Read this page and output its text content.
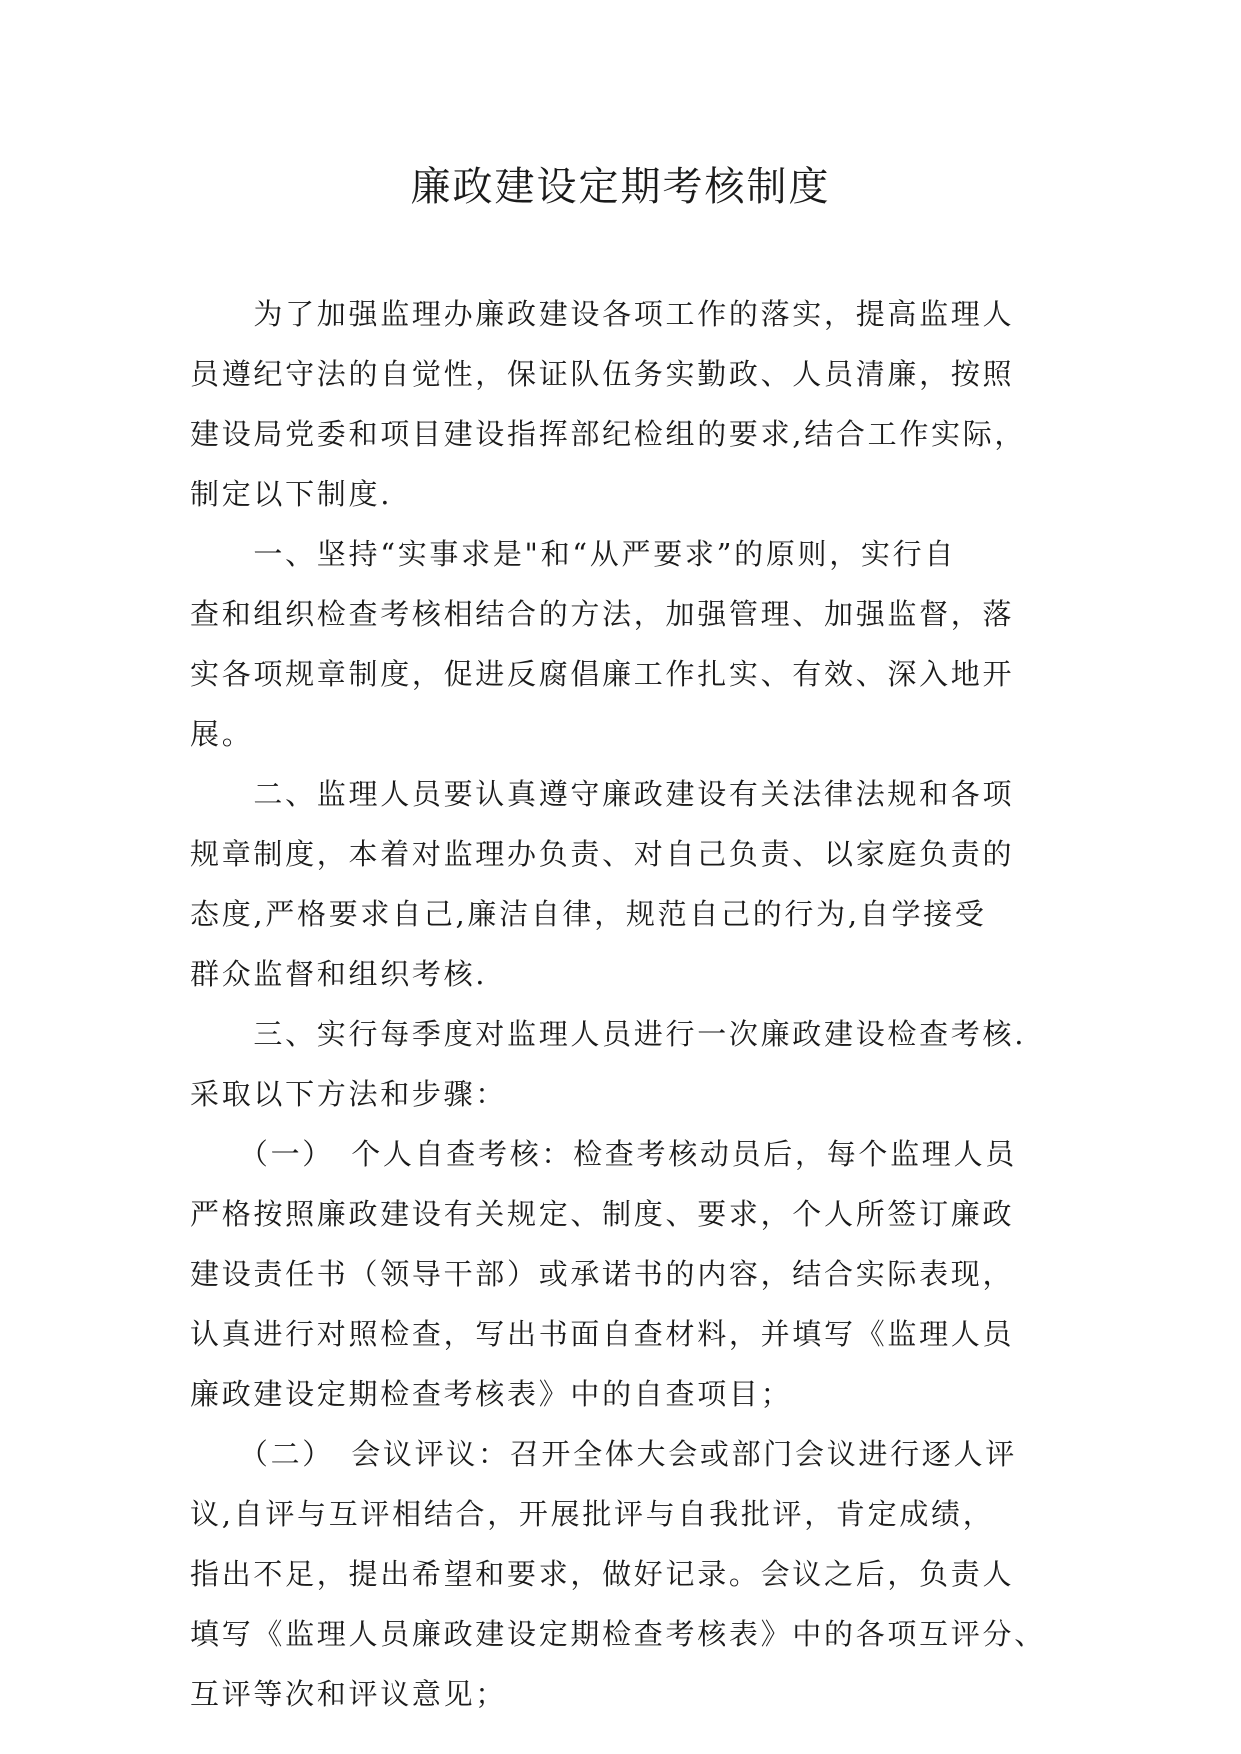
廉政建设定期考核制度
　　为了加强监理办廉政建设各项工作的落实，提高监理人
员遵纪守法的自觉性，保证队伍务实勤政、人员清廉，按照
建设局党委和项目建设指挥部纪检组的要求,结合工作实际，
制定以下制度.
　　一、坚持“实事求是"和“从严要求”的原则，实行自
查和组织检查考核相结合的方法，加强管理、加强监督，落
实各项规章制度，促进反腐倡廉工作扎实、有效、深入地开
展。
　　二、监理人员要认真遵守廉政建设有关法律法规和各项
规章制度，本着对监理办负责、对自己负责、以家庭负责的
态度,严格要求自己,廉洁自律，规范自己的行为,自学接受
群众监督和组织考核.
　　三、实行每季度对监理人员进行一次廉政建设检查考核.
采取以下方法和步骤：
　　（一）　个人自查考核：检查考核动员后，每个监理人员
严格按照廉政建设有关规定、制度、要求，个人所签订廉政
建设责任书（领导干部）或承诺书的内容，结合实际表现，
认真进行对照检查，写出书面自查材料，并填写《监理人员
廉政建设定期检查考核表》中的自查项目；
　　（二）　会议评议：召开全体大会或部门会议进行逐人评
议,自评与互评相结合，开展批评与自我批评，肯定成绩，
指出不足，提出希望和要求，做好记录。会议之后，负责人
填写《监理人员廉政建设定期检查考核表》中的各项互评分、
互评等次和评议意见；
